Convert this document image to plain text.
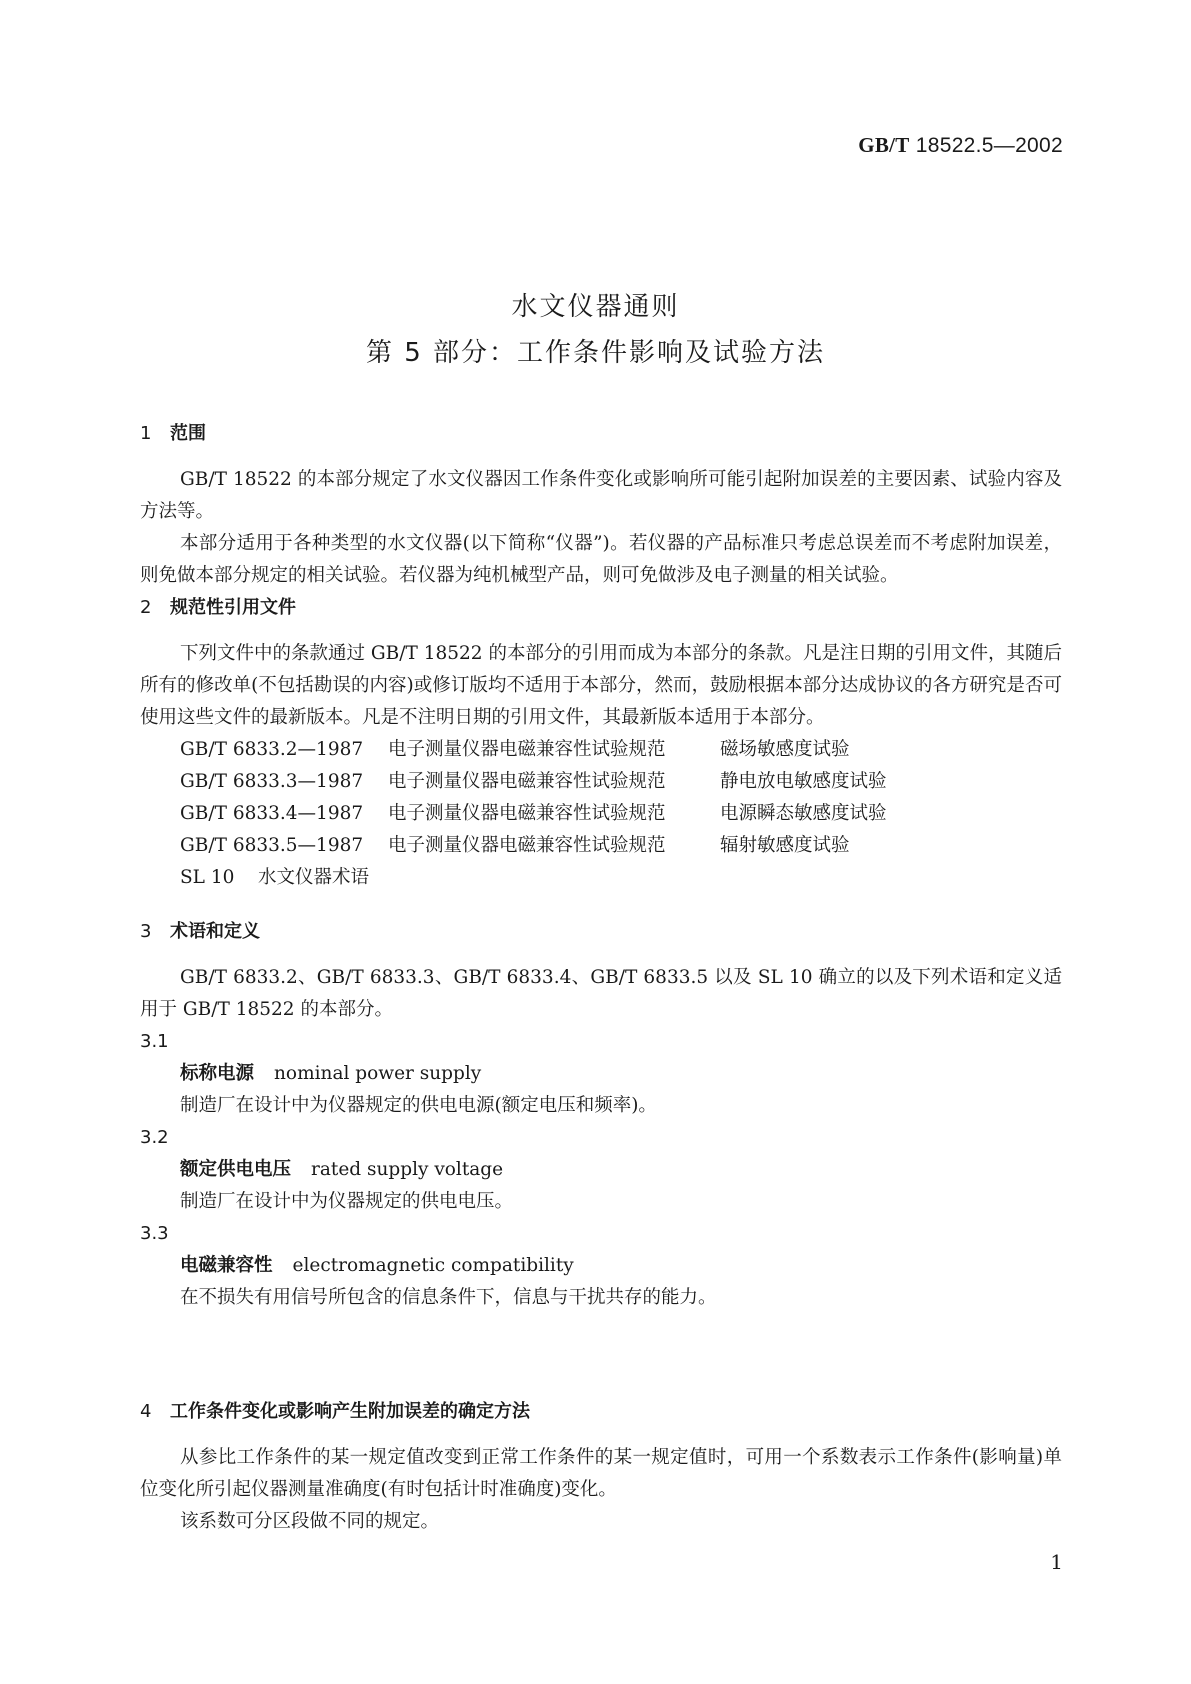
GB/T 18522.5—2002
水文仪器通则
第 5 部分：工作条件影响及试验方法
1 范围

GB/T 18522 的本部分规定了水文仪器因工作条件变化或影响所可能引起附加误差的主要因素、试验内容及方法等。

本部分适用于各种类型的水文仪器(以下简称“仪器”)。若仪器的产品标准只考虑总误差而不考虑附加误差，则免做本部分规定的相关试验。若仪器为纯机械型产品，则可免做涉及电子测量的相关试验。

2 规范性引用文件

下列文件中的条款通过 GB/T 18522 的本部分的引用而成为本部分的条款。凡是注日期的引用文件，其随后所有的修改单(不包括勘误的内容)或修订版均不适用于本部分，然而，鼓励根据本部分达成协议的各方研究是否可使用这些文件的最新版本。凡是不注明日期的引用文件，其最新版本适用于本部分。

GB/T 6833.2—1987 电子测量仪器电磁兼容性试验规范	磁场敏感度试验
GB/T 6833.3—1987 电子测量仪器电磁兼容性试验规范	静电放电敏感度试验
GB/T 6833.4—1987 电子测量仪器电磁兼容性试验规范	电源瞬态敏感度试验
GB/T 6833.5—1987 电子测量仪器电磁兼容性试验规范	辐射敏感度试验
SL 10 水文仪器术语
3 术语和定义

GB/T 6833.2、GB/T 6833.3、GB/T 6833.4、GB/T 6833.5 以及 SL 10 确立的以及下列术语和定义适用于 GB/T 18522 的本部分。

3.1
标称电源 nominal power supply
制造厂在设计中为仪器规定的供电电源(额定电压和频率)。
3.2
额定供电电压 rated supply voltage
制造厂在设计中为仪器规定的供电电压。
3.3
电磁兼容性 electromagnetic compatibility
在不损失有用信号所包含的信息条件下，信息与干扰共存的能力。
4 工作条件变化或影响产生附加误差的确定方法

从参比工作条件的某一规定值改变到正常工作条件的某一规定值时，可用一个系数表示工作条件(影响量)单位变化所引起仪器测量准确度(有时包括计时准确度)变化。

该系数可分区段做不同的规定。

1
